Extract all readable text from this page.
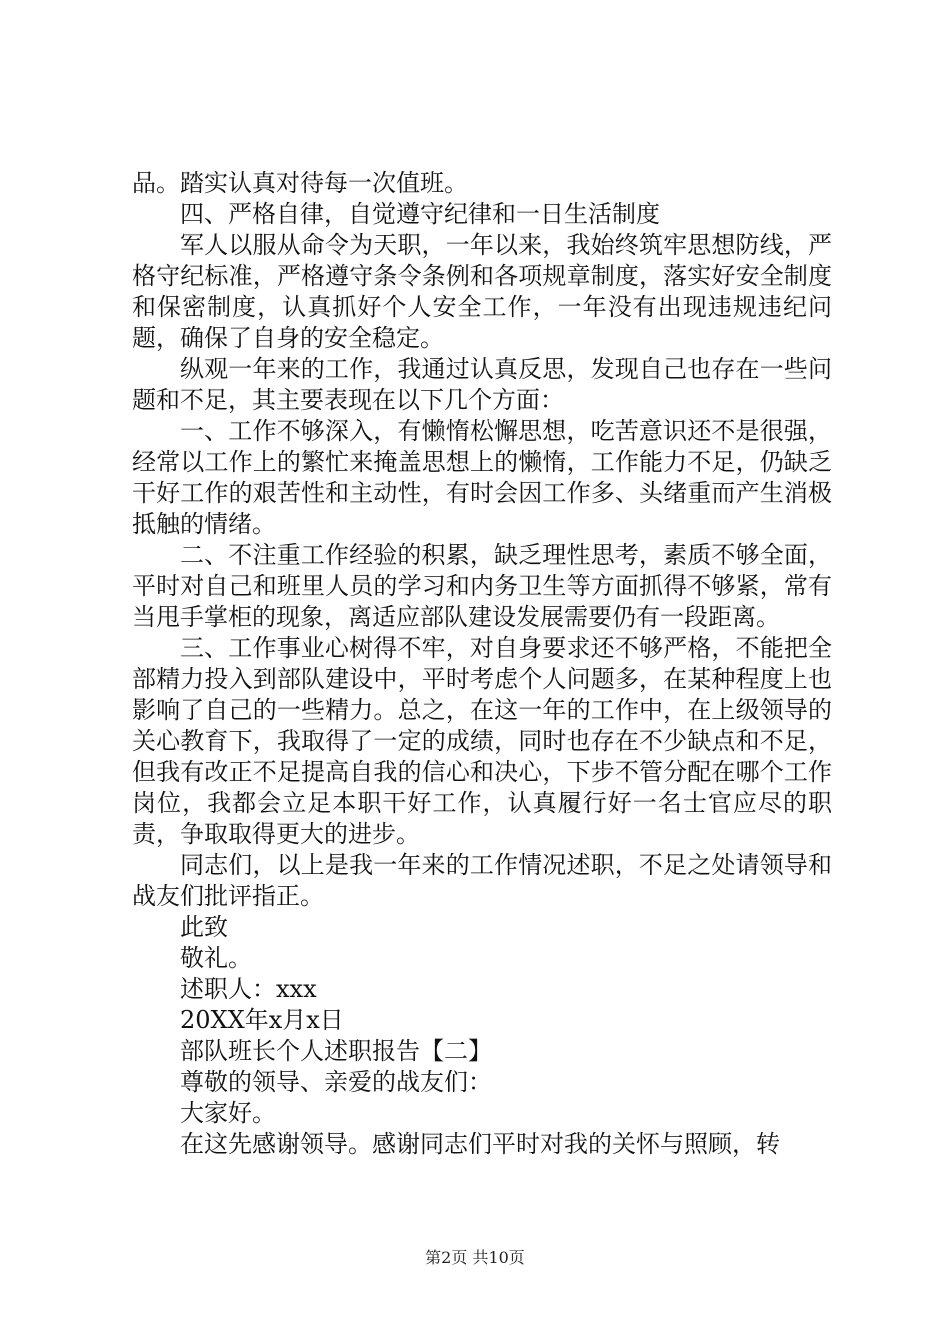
品。踏实认真对待每一次值班。

四、严格自律，自觉遵守纪律和一日生活制度

军人以服从命令为天职，一年以来，我始终筑牢思想防线，严格守纪标准，严格遵守条令条例和各项规章制度，落实好安全制度和保密制度，认真抓好个人安全工作，一年没有出现违规违纪问题，确保了自身的安全稳定。

纵观一年来的工作，我通过认真反思，发现自己也存在一些问题和不足，其主要表现在以下几个方面：

一、工作不够深入，有懒惰松懈思想，吃苦意识还不是很强，经常以工作上的繁忙来掩盖思想上的懒惰，工作能力不足，仍缺乏干好工作的艰苦性和主动性，有时会因工作多、头绪重而产生消极抵触的情绪。

二、不注重工作经验的积累，缺乏理性思考，素质不够全面，平时对自己和班里人员的学习和内务卫生等方面抓得不够紧，常有当甩手掌柜的现象，离适应部队建设发展需要仍有一段距离。

三、工作事业心树得不牢，对自身要求还不够严格，不能把全部精力投入到部队建设中，平时考虑个人问题多，在某种程度上也影响了自己的一些精力。总之，在这一年的工作中，在上级领导的关心教育下，我取得了一定的成绩，同时也存在不少缺点和不足，但我有改正不足提高自我的信心和决心，下步不管分配在哪个工作岗位，我都会立足本职干好工作，认真履行好一名士官应尽的职责，争取取得更大的进步。

同志们，以上是我一年来的工作情况述职，不足之处请领导和战友们批评指正。

此致

敬礼。

述职人：xxx

20XX年x月x日

部队班长个人述职报告【二】

尊敬的领导、亲爱的战友们：

大家好。

在这先感谢领导。感谢同志们平时对我的关怀与照顾，转

第2页 共10页
